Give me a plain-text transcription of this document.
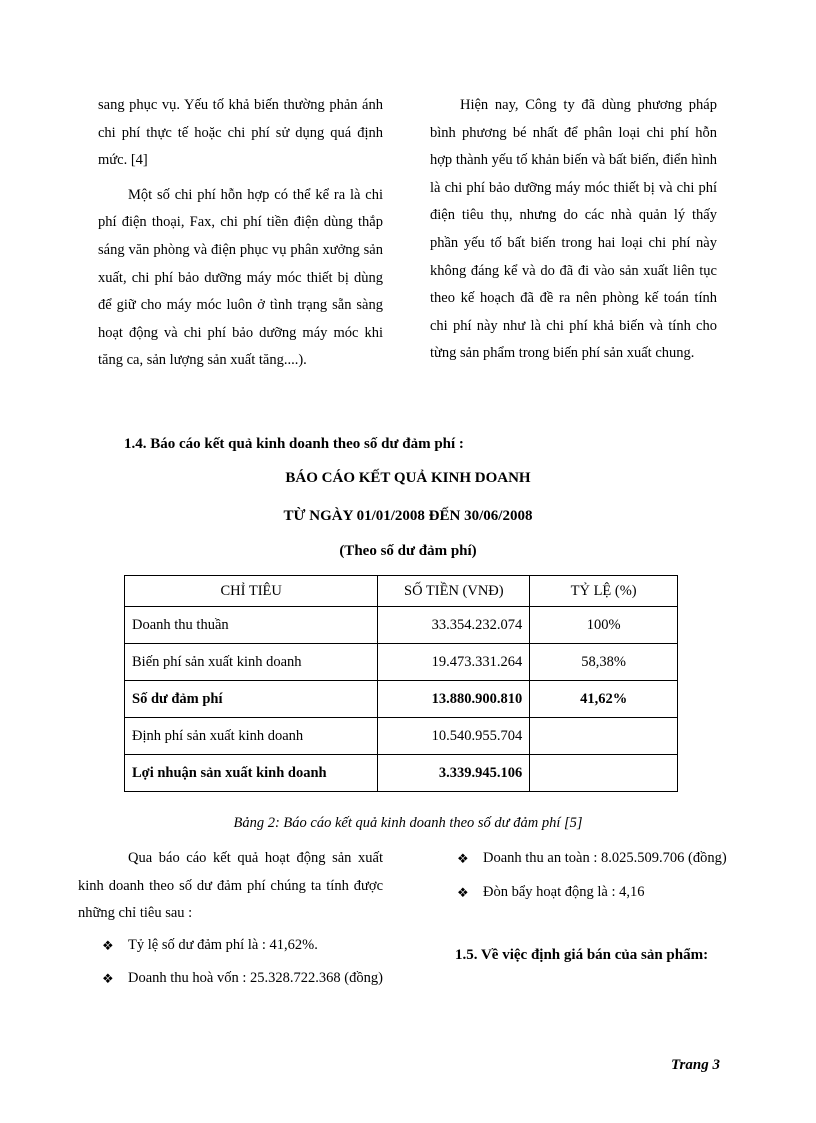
sang phục vụ. Yếu tố khả biến thường phản ánh chi phí thực tế hoặc chi phí sử dụng quá định mức. [4]

Một số chi phí hỗn hợp có thể kể ra là chi phí điện thoại, Fax, chi phí tiền điện dùng thắp sáng văn phòng và điện phục vụ phân xưởng sản xuất, chi phí bảo dưỡng máy móc thiết bị dùng để giữ cho máy móc luôn ở tình trạng sẵn sàng hoạt động và chi phí bảo dưỡng máy móc khi tăng ca, sản lượng sản xuất tăng....).

Hiện nay, Công ty đã dùng phương pháp bình phương bé nhất để phân loại chi phí hỗn hợp thành yếu tố khản biến và bất biến, điển hình là chi phí bảo dưỡng máy móc thiết bị và chi phí điện tiêu thụ, nhưng do các nhà quản lý thấy phần yếu tố bất biến trong hai loại chi phí này không đáng kể và do đã đi vào sản xuất liên tục theo kế hoạch đã đề ra nên phòng kế toán tính chi phí này như là chi phí khả biến và tính cho từng sản phẩm trong biến phí sản xuất chung.

1.4. Báo cáo kết quả kinh doanh theo số dư đảm phí :
BÁO CÁO KẾT QUẢ KINH DOANH
TỪ NGÀY 01/01/2008 ĐẾN 30/06/2008
(Theo số dư đảm phí)
CHỈ TIÊU	SỐ TIỀN (VNĐ)	TỶ LỆ (%)
Doanh thu thuần	33.354.232.074	100%
Biến phí sản xuất kinh doanh	19.473.331.264	58,38%
Số dư đảm phí	13.880.900.810	41,62%
Định phí sản xuất kinh doanh	10.540.955.704	
Lợi nhuận sản xuất kinh doanh	3.339.945.106	
Bảng 2: Báo cáo kết quả kinh doanh theo số dư đảm phí [5]

Qua báo cáo kết quả hoạt động sản xuất kinh doanh theo số dư đảm phí chúng ta tính được những chỉ tiêu sau :

❖ Tỷ lệ số dư đảm phí là : 41,62%.
❖ Doanh thu hoà vốn : 25.328.722.368 (đồng)
❖ Doanh thu an toàn : 8.025.509.706 (đồng)
❖ Đòn bẩy hoạt động là : 4,16
1.5. Về việc định giá bán của sản phẩm:
Trang 3
